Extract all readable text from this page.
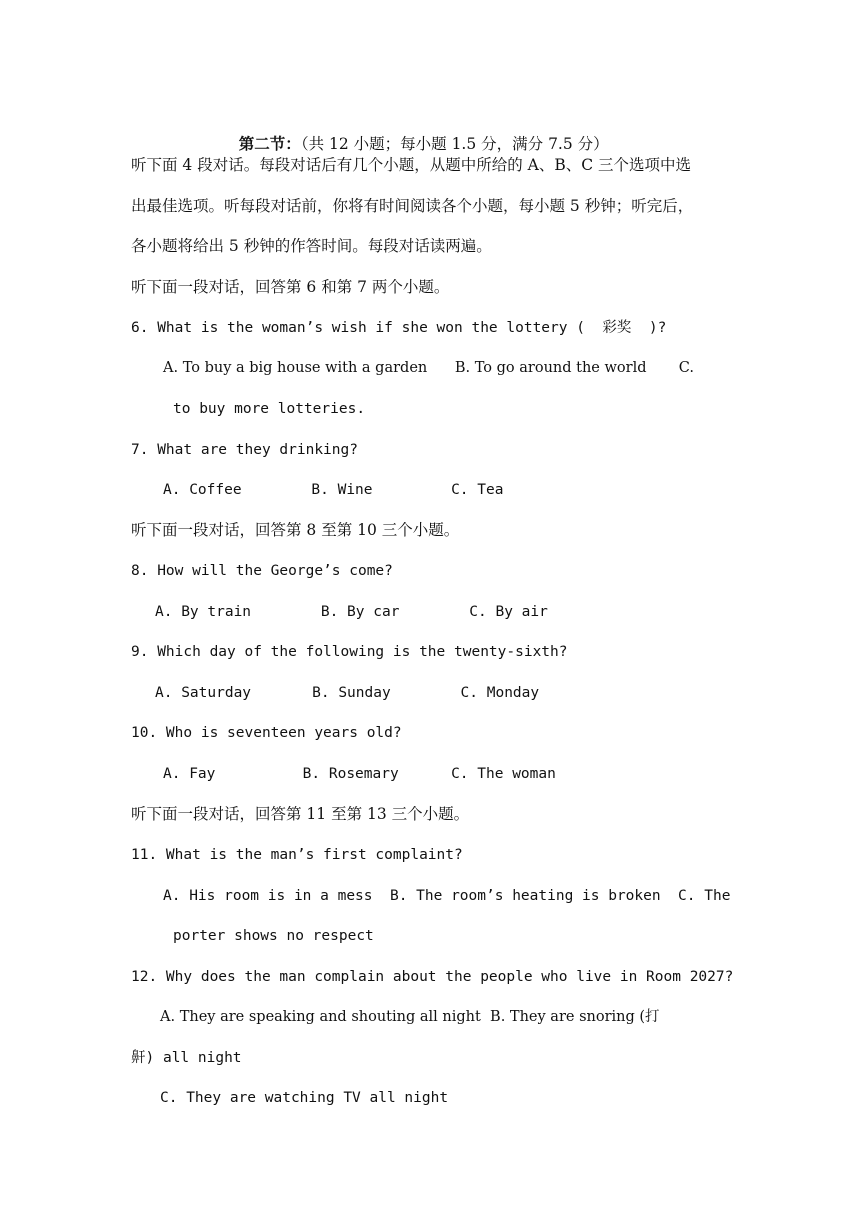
第二节：（共 12 小题；每小题 1.5 分，满分 7.5 分）

听下面 4 段对话。每段对话后有几个小题，从题中所给的 A、B、C 三个选项中选
出最佳选项。听每段对话前，你将有时间阅读各个小题，每小题 5 秒钟；听完后，
各小题将给出 5 秒钟的作答时间。每段对话读两遍。
听下面一段对话，回答第 6 和第 7 两个小题。
6. What is the woman’s wish if she won the lottery (  彩奖  )?
A. To buy a big house with a garden      B. To go around the world       C.
to buy more lotteries.
7. What are they drinking?
A. Coffee        B. Wine         C. Tea
听下面一段对话，回答第 8 至第 10 三个小题。
8. How will the George’s come?
A. By train        B. By car        C. By air
9. Which day of the following is the twenty-sixth?
A. Saturday       B. Sunday        C. Monday
10. Who is seventeen years old?
A. Fay          B. Rosemary      C. The woman
听下面一段对话，回答第 11 至第 13 三个小题。
11. What is the man’s first complaint?
A. His room is in a mess  B. The room’s heating is broken  C. The
porter shows no respect
12. Why does the man complain about the people who live in Room 2027?
A. They are speaking and shouting all night  B. They are snoring (打
鼾) all night
C. They are watching TV all night
